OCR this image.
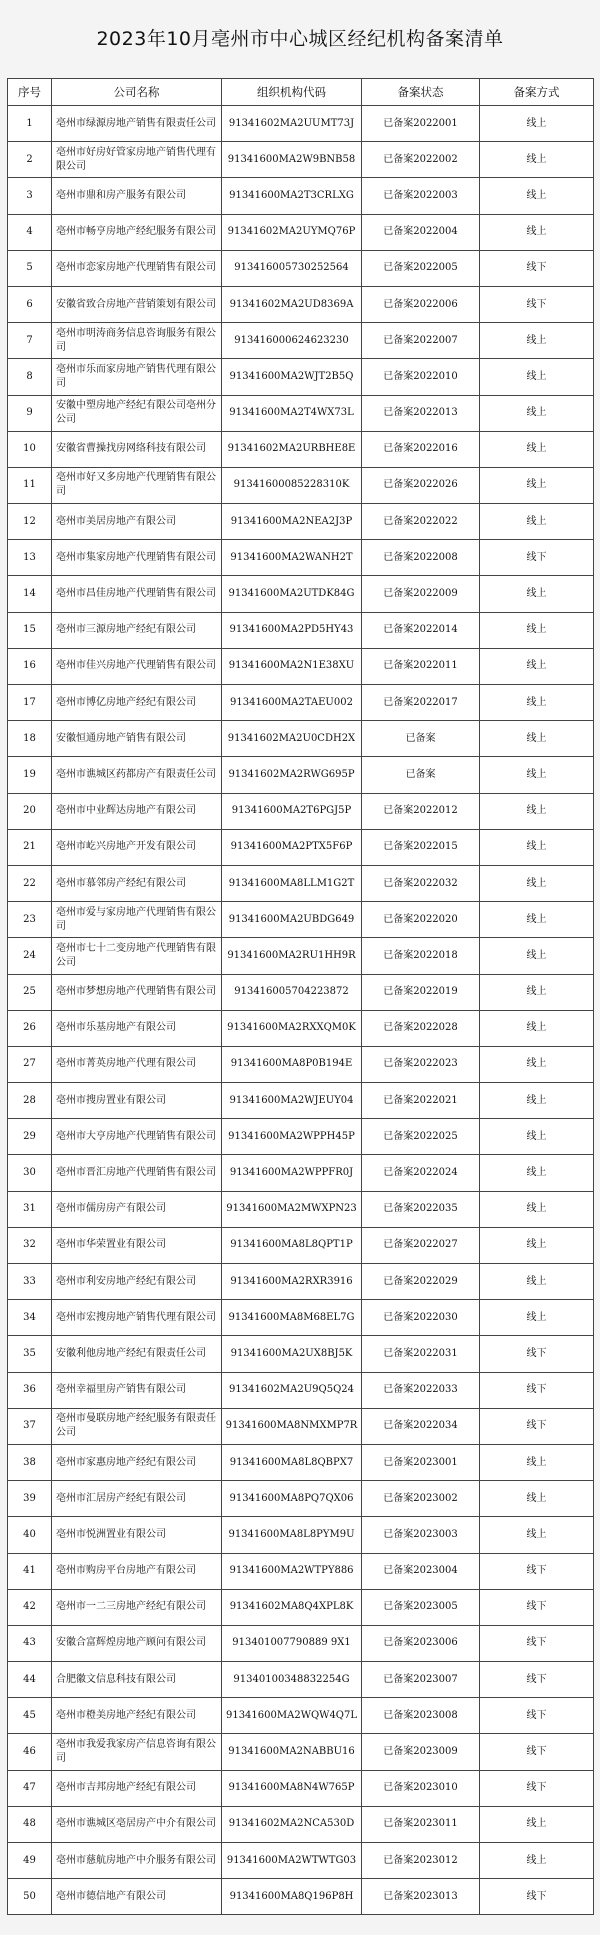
2023年10月亳州市中心城区经纪机构备案清单
序号	公司名称	组织机构代码	备案状态	备案方式
1	亳州市绿源房地产销售有限责任公司	91341602MA2UUMT73J	已备案2022001	线上
2	亳州市好房好管家房地产销售代理有限公司	91341600MA2W9BNB58	已备案2022002	线上
3	亳州市鼎和房产服务有限公司	91341600MA2T3CRLXG	已备案2022003	线上
4	亳州市畅亨房地产经纪服务有限公司	91341602MA2UYMQ76P	已备案2022004	线上
5	亳州市恋家房地产代理销售有限公司	913416005730252564	已备案2022005	线下
6	安徽省致合房地产营销策划有限公司	91341602MA2UD8369A	已备案2022006	线下
7	亳州市明涛商务信息咨询服务有限公司	913416000624623230	已备案2022007	线上
8	亳州市乐而家房地产销售代理有限公司	91341600MA2WJT2B5Q	已备案2022010	线上
9	安徽中塑房地产经纪有限公司亳州分公司	91341600MA2T4WX73L	已备案2022013	线上
10	安徽省曹操找房网络科技有限公司	91341602MA2URBHE8E	已备案2022016	线上
11	亳州市好又多房地产代理销售有限公司	91341600085228310K	已备案2022026	线上
12	亳州市美居房地产有限公司	91341600MA2NEA2J3P	已备案2022022	线上
13	亳州市集家房地产代理销售有限公司	91341600MA2WANH2T	已备案2022008	线下
14	亳州市昌佳房地产代理销售有限公司	91341600MA2UTDK84G	已备案2022009	线上
15	亳州市三源房地产经纪有限公司	91341600MA2PD5HY43	已备案2022014	线上
16	亳州市佳兴房地产代理销售有限公司	91341600MA2N1E38XU	已备案2022011	线上
17	亳州市博亿房地产经纪有限公司	91341600MA2TAEU002	已备案2022017	线上
18	安徽恒通房地产销售有限公司	91341602MA2U0CDH2X	已备案	线上
19	亳州市谯城区药都房产有限责任公司	91341602MA2RWG695P	已备案	线上
20	亳州市中业辉达房地产有限公司	91341600MA2T6PGJ5P	已备案2022012	线上
21	亳州市屹兴房地产开发有限公司	91341600MA2PTX5F6P	已备案2022015	线上
22	亳州市慕邻房产经纪有限公司	91341600MA8LLM1G2T	已备案2022032	线上
23	亳州市爱与家房地产代理销售有限公司	91341600MA2UBDG649	已备案2022020	线上
24	亳州市七十二变房地产代理销售有限公司	91341600MA2RU1HH9R	已备案2022018	线上
25	亳州市梦想房地产代理销售有限公司	913416005704223872	已备案2022019	线上
26	亳州市乐基房地产有限公司	91341600MA2RXXQM0K	已备案2022028	线上
27	亳州市菁英房地产代理有限公司	91341600MA8P0B194E	已备案2022023	线上
28	亳州市搜房置业有限公司	91341600MA2WJEUY04	已备案2022021	线上
29	亳州市大亨房地产代理销售有限公司	91341600MA2WPPH45P	已备案2022025	线上
30	亳州市晋汇房地产代理销售有限公司	91341600MA2WPPFR0J	已备案2022024	线上
31	亳州市儒房房产有限公司	91341600MA2MWXPN23	已备案2022035	线上
32	亳州市华荣置业有限公司	91341600MA8L8QPT1P	已备案2022027	线上
33	亳州市利安房地产经纪有限公司	91341600MA2RXR3916	已备案2022029	线上
34	亳州市宏搜房地产销售代理有限公司	91341600MA8M68EL7G	已备案2022030	线上
35	安徽利他房地产经纪有限责任公司	91341600MA2UX8BJ5K	已备案2022031	线下
36	亳州幸福里房产销售有限公司	91341602MA2U9Q5Q24	已备案2022033	线下
37	亳州市曼联房地产经纪服务有限责任公司	91341600MA8NMXMP7R	已备案2022034	线下
38	亳州市家惠房地产经纪有限公司	91341600MA8L8QBPX7	已备案2023001	线上
39	亳州市汇居房产经纪有限公司	91341600MA8PQ7QX06	已备案2023002	线上
40	亳州市悦洲置业有限公司	91341600MA8L8PYM9U	已备案2023003	线上
41	亳州市购房平台房地产有限公司	91341600MA2WTPY886	已备案2023004	线下
42	亳州市一二三房地产经纪有限公司	91341602MA8Q4XPL8K	已备案2023005	线下
43	安徽合富辉煌房地产顾问有限公司	913401007790889 9X1	已备案2023006	线下
44	合肥徽文信息科技有限公司	91340100348832254G	已备案2023007	线下
45	亳州市橙美房地产经纪有限公司	91341600MA2WQW4Q7L	已备案2023008	线下
46	亳州市我爱我家房产信息咨询有限公司	91341600MA2NABBU16	已备案2023009	线下
47	亳州市吉邦房地产经纪有限公司	91341600MA8N4W765P	已备案2023010	线下
48	亳州市谯城区亳居房产中介有限公司	91341602MA2NCA530D	已备案2023011	线上
49	亳州市慈航房地产中介服务有限公司	91341600MA2WTWTG03	已备案2023012	线上
50	亳州市德信地产有限公司	91341600MA8Q196P8H	已备案2023013	线下
